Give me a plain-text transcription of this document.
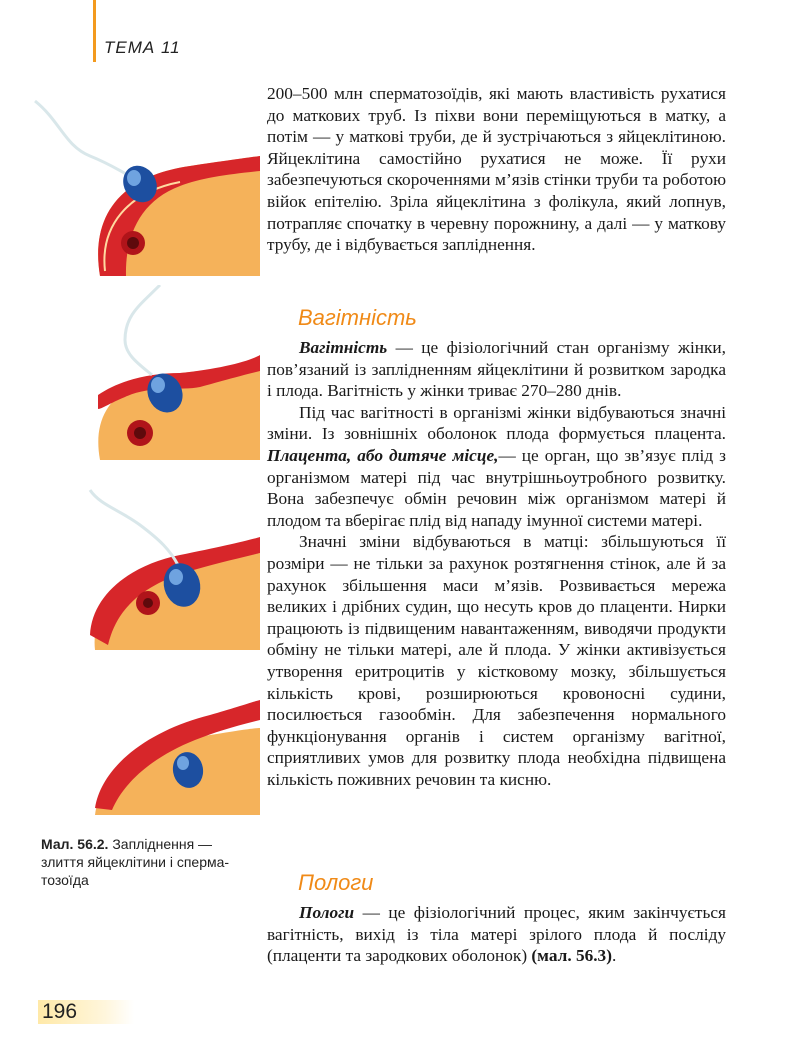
ТЕМА 11
Мал. 56.2. Запліднення — злиття яйцеклітини і сперма-тозоїда

200–500 млн сперматозоїдів, які мають властивість рухатися до маткових труб. Із піхви вони переміщуються в матку, а потім — у маткові труби, де й зустрічаються з яйцеклітиною. Яйцеклітина самостійно рухатися не може. Її рухи забезпечуються скороченнями м’язів стінки труби та роботою війок епітелію. Зріла яйцеклітина з фолікула, який лопнув, потрапляє спочатку в черевну порожнину, а далі — у маткову трубу, де і відбувається запліднення.

Вагітність

Вагітність — це фізіологічний стан організму жінки, пов’язаний із заплідненням яйцеклітини й розвитком зародка і плода. Вагітність у жінки триває 270–280 днів.

Під час вагітності в організмі жінки відбуваються значні зміни. Із зовнішніх оболонок плода формується плацента. Плацента, або дитяче місце,— це орган, що зв’язує плід з організмом матері під час внутрішньоутробного розвитку. Вона забезпечує обмін речовин між організмом матері й плодом та вберігає плід від нападу імунної системи матері.

Значні зміни відбуваються в матці: збільшуються її розміри — не тільки за рахунок розтягнення стінок, але й за рахунок збільшення маси м’язів. Розвивається мережа великих і дрібних судин, що несуть кров до плаценти. Нирки працюють із підвищеним навантаженням, виводячи продукти обміну не тільки матері, але й плода. У жінки активізується утворення еритроцитів у кістковому мозку, збільшується кількість крові, розширюються кровоносні судини, посилюється газообмін. Для забезпечення нормального функціонування органів і систем організму вагітної, сприятливих умов для розвитку плода необхідна підвищена кількість поживних речовин та кисню.

Пологи

Пологи — це фізіологічний процес, яким закінчується вагітність, вихід із тіла матері зрілого плода й посліду (плаценти та зародкових оболонок) (мал. 56.3).

196
